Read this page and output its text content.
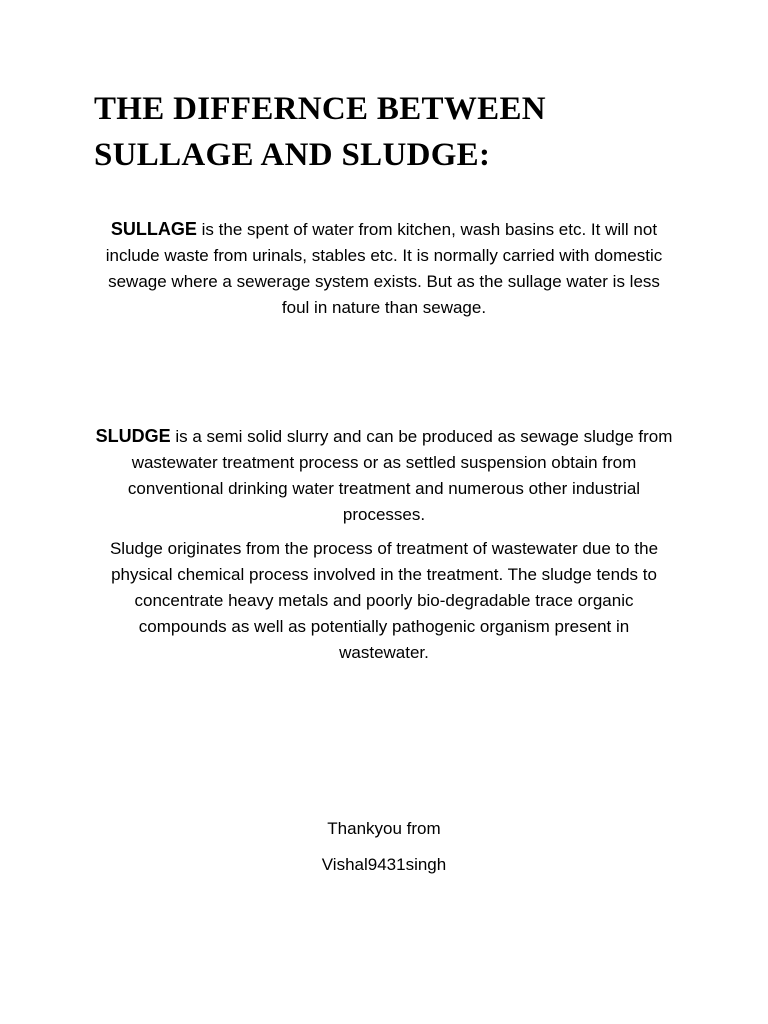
THE DIFFERNCE BETWEEN
SULLAGE AND SLUDGE:

SULLAGE is the spent of water from kitchen, wash basins etc. It will not include waste from urinals, stables etc. It is normally carried with domestic sewage where a sewerage system exists. But as the sullage water is less foul in nature than sewage.

SLUDGE is a semi solid slurry and can be produced as sewage sludge from wastewater treatment process or as settled suspension obtain from conventional drinking water treatment and numerous other industrial processes.

Sludge originates from the process of treatment of wastewater due to the physical chemical process involved in the treatment. The sludge tends to concentrate heavy metals and poorly bio-degradable trace organic compounds as well as potentially pathogenic organism present in wastewater.

Thankyou from

Vishal9431singh
